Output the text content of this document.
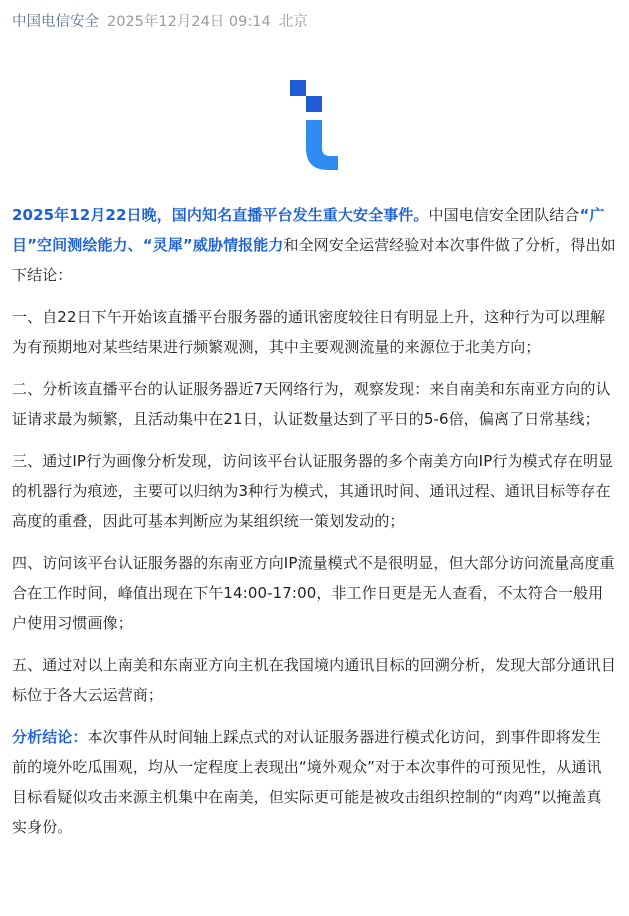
中国电信安全 2025年12月24日 09:14 北京

2025年12月22日晚，国内知名直播平台发生重大安全事件。中国电信安全团队结合“广目”空间测绘能力、“灵犀”威胁情报能力和全网安全运营经验对本次事件做了分析，得出如下结论：

一、自22日下午开始该直播平台服务器的通讯密度较往日有明显上升，这种行为可以理解为有预期地对某些结果进行频繁观测，其中主要观测流量的来源位于北美方向；

二、分析该直播平台的认证服务器近7天网络行为，观察发现：来自南美和东南亚方向的认证请求最为频繁，且活动集中在21日，认证数量达到了平日的5-6倍，偏离了日常基线；

三、通过IP行为画像分析发现，访问该平台认证服务器的多个南美方向IP行为模式存在明显的机器行为痕迹，主要可以归纳为3种行为模式，其通讯时间、通讯过程、通讯目标等存在高度的重叠，因此可基本判断应为某组织统一策划发动的；

四、访问该平台认证服务器的东南亚方向IP流量模式不是很明显，但大部分访问流量高度重合在工作时间，峰值出现在下午14:00-17:00，非工作日更是无人查看，不太符合一般用户使用习惯画像；

五、通过对以上南美和东南亚方向主机在我国境内通讯目标的回溯分析，发现大部分通讯目标位于各大云运营商；

分析结论：本次事件从时间轴上踩点式的对认证服务器进行模式化访问，到事件即将发生前的境外吃瓜围观，均从一定程度上表现出“境外观众”对于本次事件的可预见性，从通讯目标看疑似攻击来源主机集中在南美，但实际更可能是被攻击组织控制的“肉鸡”以掩盖真实身份。
